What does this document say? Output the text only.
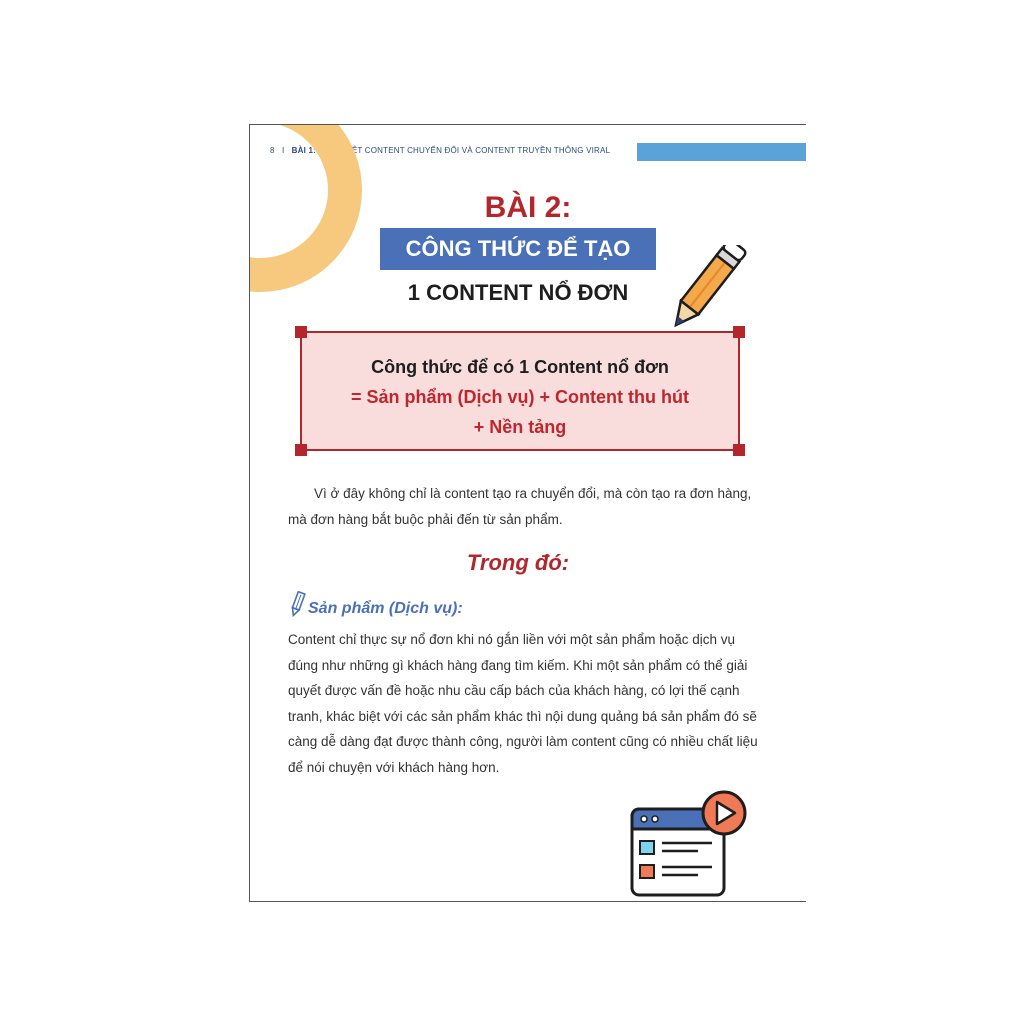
8 I BÀI 1: PHÂN BIỆT CONTENT CHUYỂN ĐỔI VÀ CONTENT TRUYỀN THÔNG VIRAL
BÀI 2:
CÔNG THỨC ĐỂ TẠO
1 CONTENT NỔ ĐƠN
Công thức để có 1 Content nổ đơn
= Sản phẩm (Dịch vụ) + Content thu hút
+ Nền tảng
Vì ở đây không chỉ là content tạo ra chuyển đổi, mà còn tạo ra đơn hàng, mà đơn hàng bắt buộc phải đến từ sản phẩm.
Trong đó:
Sản phẩm (Dịch vụ):
Content chỉ thực sự nổ đơn khi nó gắn liền với một sản phẩm hoặc dịch vụ đúng như những gì khách hàng đang tìm kiếm. Khi một sản phẩm có thể giải quyết được vấn đề hoặc nhu cầu cấp bách của khách hàng, có lợi thế cạnh tranh, khác biệt với các sản phẩm khác thì nội dung quảng bá sản phẩm đó sẽ càng dễ dàng đạt được thành công, người làm content cũng có nhiều chất liệu để nói chuyện với khách hàng hơn.
